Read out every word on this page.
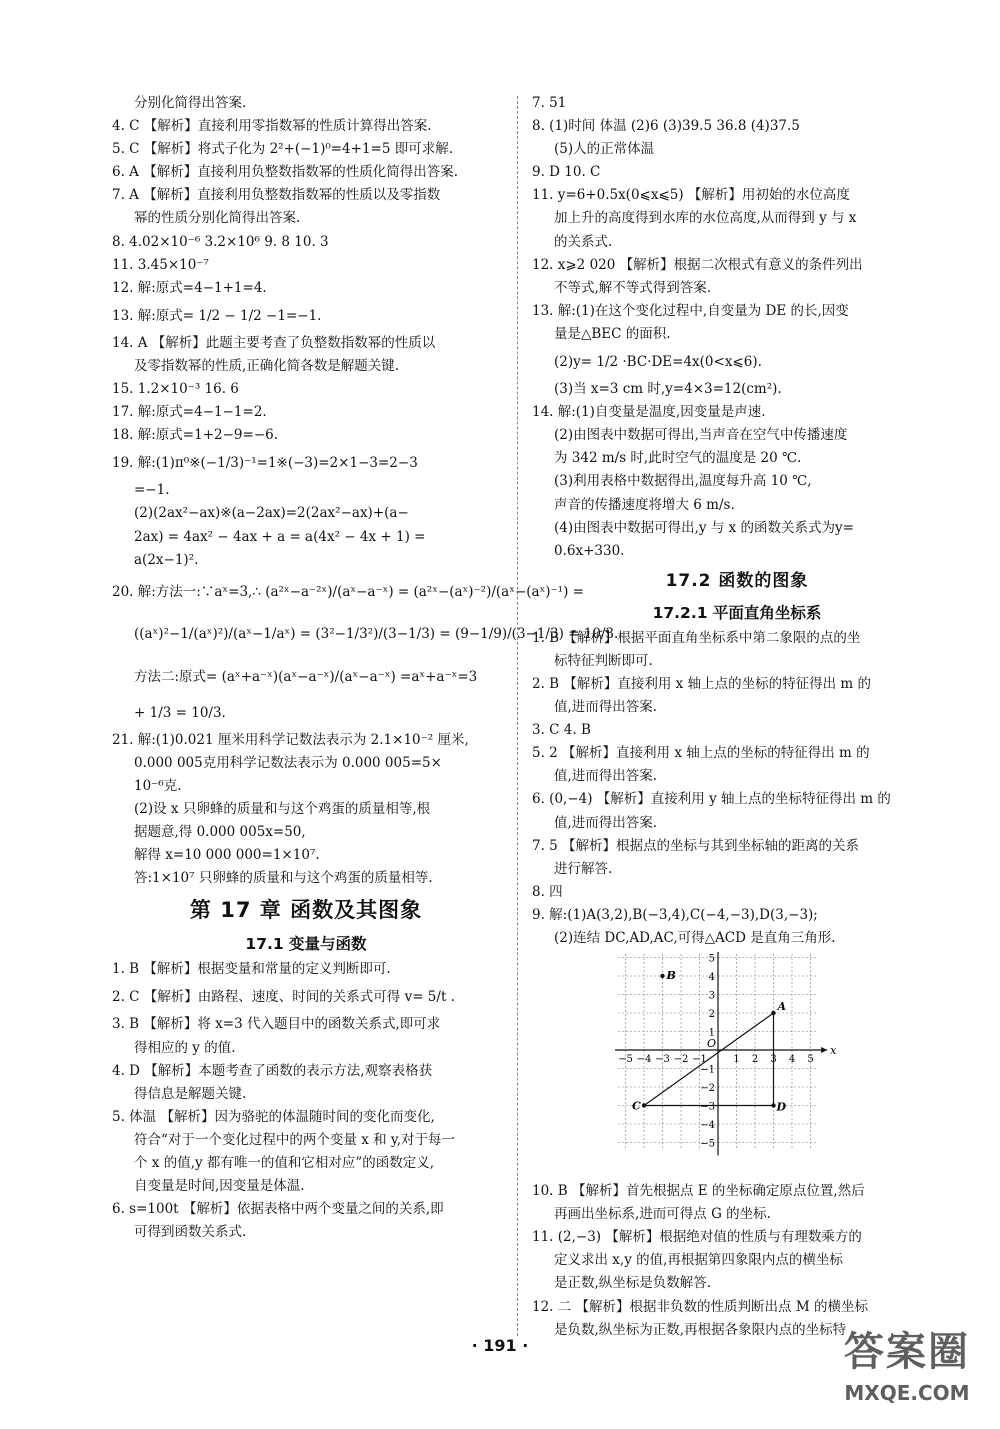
分别化简得出答案.
4. C 【解析】直接利用零指数幂的性质计算得出答案.
5. C 【解析】将式子化为 2²+(−1)⁰=4+1=5 即可求解.
6. A 【解析】直接利用负整数指数幂的性质化简得出答案.
7. A 【解析】直接利用负整数指数幂的性质以及零指数
幂的性质分别化简得出答案.
8. 4.02×10⁻⁶ 3.2×10⁶ 9. 8 10. 3
11. 3.45×10⁻⁷
12. 解:原式=4−1+1=4.
13. 解:原式= 1/2 − 1/2 −1=−1.
14. A 【解析】此题主要考查了负整数指数幂的性质以
及零指数幂的性质,正确化简各数是解题关键.
15. 1.2×10⁻³ 16. 6
17. 解:原式=4−1−1=2.
18. 解:原式=1+2−9=−6.
19. 解:(1)π⁰※(−1/3)⁻¹=1※(−3)=2×1−3=2−3
=−1.
(2)(2ax²−ax)※(a−2ax)=2(2ax²−ax)+(a−
2ax) = 4ax² − 4ax + a = a(4x² − 4x + 1) =
a(2x−1)².
20. 解:方法一:∵aˣ=3,∴ (a²ˣ−a⁻²ˣ)/(aˣ−a⁻ˣ) = (a²ˣ−(aˣ)⁻²)/(aˣ−(aˣ)⁻¹) =
((aˣ)²−1/(aˣ)²)/(aˣ−1/aˣ) = (3²−1/3²)/(3−1/3) = (9−1/9)/(3−1/3) = 10/3.
方法二:原式= (aˣ+a⁻ˣ)(aˣ−a⁻ˣ)/(aˣ−a⁻ˣ) =aˣ+a⁻ˣ=3
+ 1/3 = 10/3.
21. 解:(1)0.021 厘米用科学记数法表示为 2.1×10⁻² 厘米,
0.000 005克用科学记数法表示为 0.000 005=5×
10⁻⁶克.
(2)设 x 只卵蜂的质量和与这个鸡蛋的质量相等,根
据题意,得 0.000 005x=50,
解得 x=10 000 000=1×10⁷.
答:1×10⁷ 只卵蜂的质量和与这个鸡蛋的质量相等.
第 17 章 函数及其图象
17.1 变量与函数
1. B 【解析】根据变量和常量的定义判断即可.
2. C 【解析】由路程、速度、时间的关系式可得 v= 5/t .
3. B 【解析】将 x=3 代入题目中的函数关系式,即可求
得相应的 y 的值.
4. D 【解析】本题考查了函数的表示方法,观察表格获
得信息是解题关键.
5. 体温 【解析】因为骆驼的体温随时间的变化而变化,
符合“对于一个变化过程中的两个变量 x 和 y,对于每一
个 x 的值,y 都有唯一的值和它相对应”的函数定义,
自变量是时间,因变量是体温.
6. s=100t 【解析】依据表格中两个变量之间的关系,即
可得到函数关系式.
7. 51
8. (1)时间 体温 (2)6 (3)39.5 36.8 (4)37.5
(5)人的正常体温
9. D 10. C
11. y=6+0.5x(0⩽x⩽5) 【解析】用初始的水位高度
加上升的高度得到水库的水位高度,从而得到 y 与 x
的关系式.
12. x⩾2 020 【解析】根据二次根式有意义的条件列出
不等式,解不等式得到答案.
13. 解:(1)在这个变化过程中,自变量为 DE 的长,因变
量是△BEC 的面积.
(2)y= 1/2 ·BC·DE=4x(0<x⩽6).
(3)当 x=3 cm 时,y=4×3=12(cm²).
14. 解:(1)自变量是温度,因变量是声速.
(2)由图表中数据可得出,当声音在空气中传播速度
为 342 m/s 时,此时空气的温度是 20 ℃.
(3)利用表格中数据得出,温度每升高 10 ℃,
声音的传播速度将增大 6 m/s.
(4)由图表中数据可得出,y 与 x 的函数关系式为y=
0.6x+330.
17.2 函数的图象
17.2.1 平面直角坐标系
1. B 【解析】根据平面直角坐标系中第二象限的点的坐
标特征判断即可.
2. B 【解析】直接利用 x 轴上点的坐标的特征得出 m 的
值,进而得出答案.
3. C 4. B
5. 2 【解析】直接利用 x 轴上点的坐标的特征得出 m 的
值,进而得出答案.
6. (0,−4) 【解析】直接利用 y 轴上点的坐标特征得出 m 的
值,进而得出答案.
7. 5 【解析】根据点的坐标与其到坐标轴的距离的关系
进行解答.
8. 四
9. 解:(1)A(3,2),B(−3,4),C(−4,−3),D(3,−3);
(2)连结 DC,AD,AC,可得△ACD 是直角三角形.
x
O
−5 −4 −3 −2 −1	1 2 3 4 5
5
4
3
2
1
−1
−2
−3
−4
−5
A
B
C	D
10. B 【解析】首先根据点 E 的坐标确定原点位置,然后
再画出坐标系,进而可得点 G 的坐标.
11. (2,−3) 【解析】根据绝对值的性质与有理数乘方的
定义求出 x,y 的值,再根据第四象限内点的横坐标
是正数,纵坐标是负数解答.
12. 二 【解析】根据非负数的性质判断出点 M 的横坐标
是负数,纵坐标为正数,再根据各象限内点的坐标特
· 191 ·	答案圈
MXQE.COM
